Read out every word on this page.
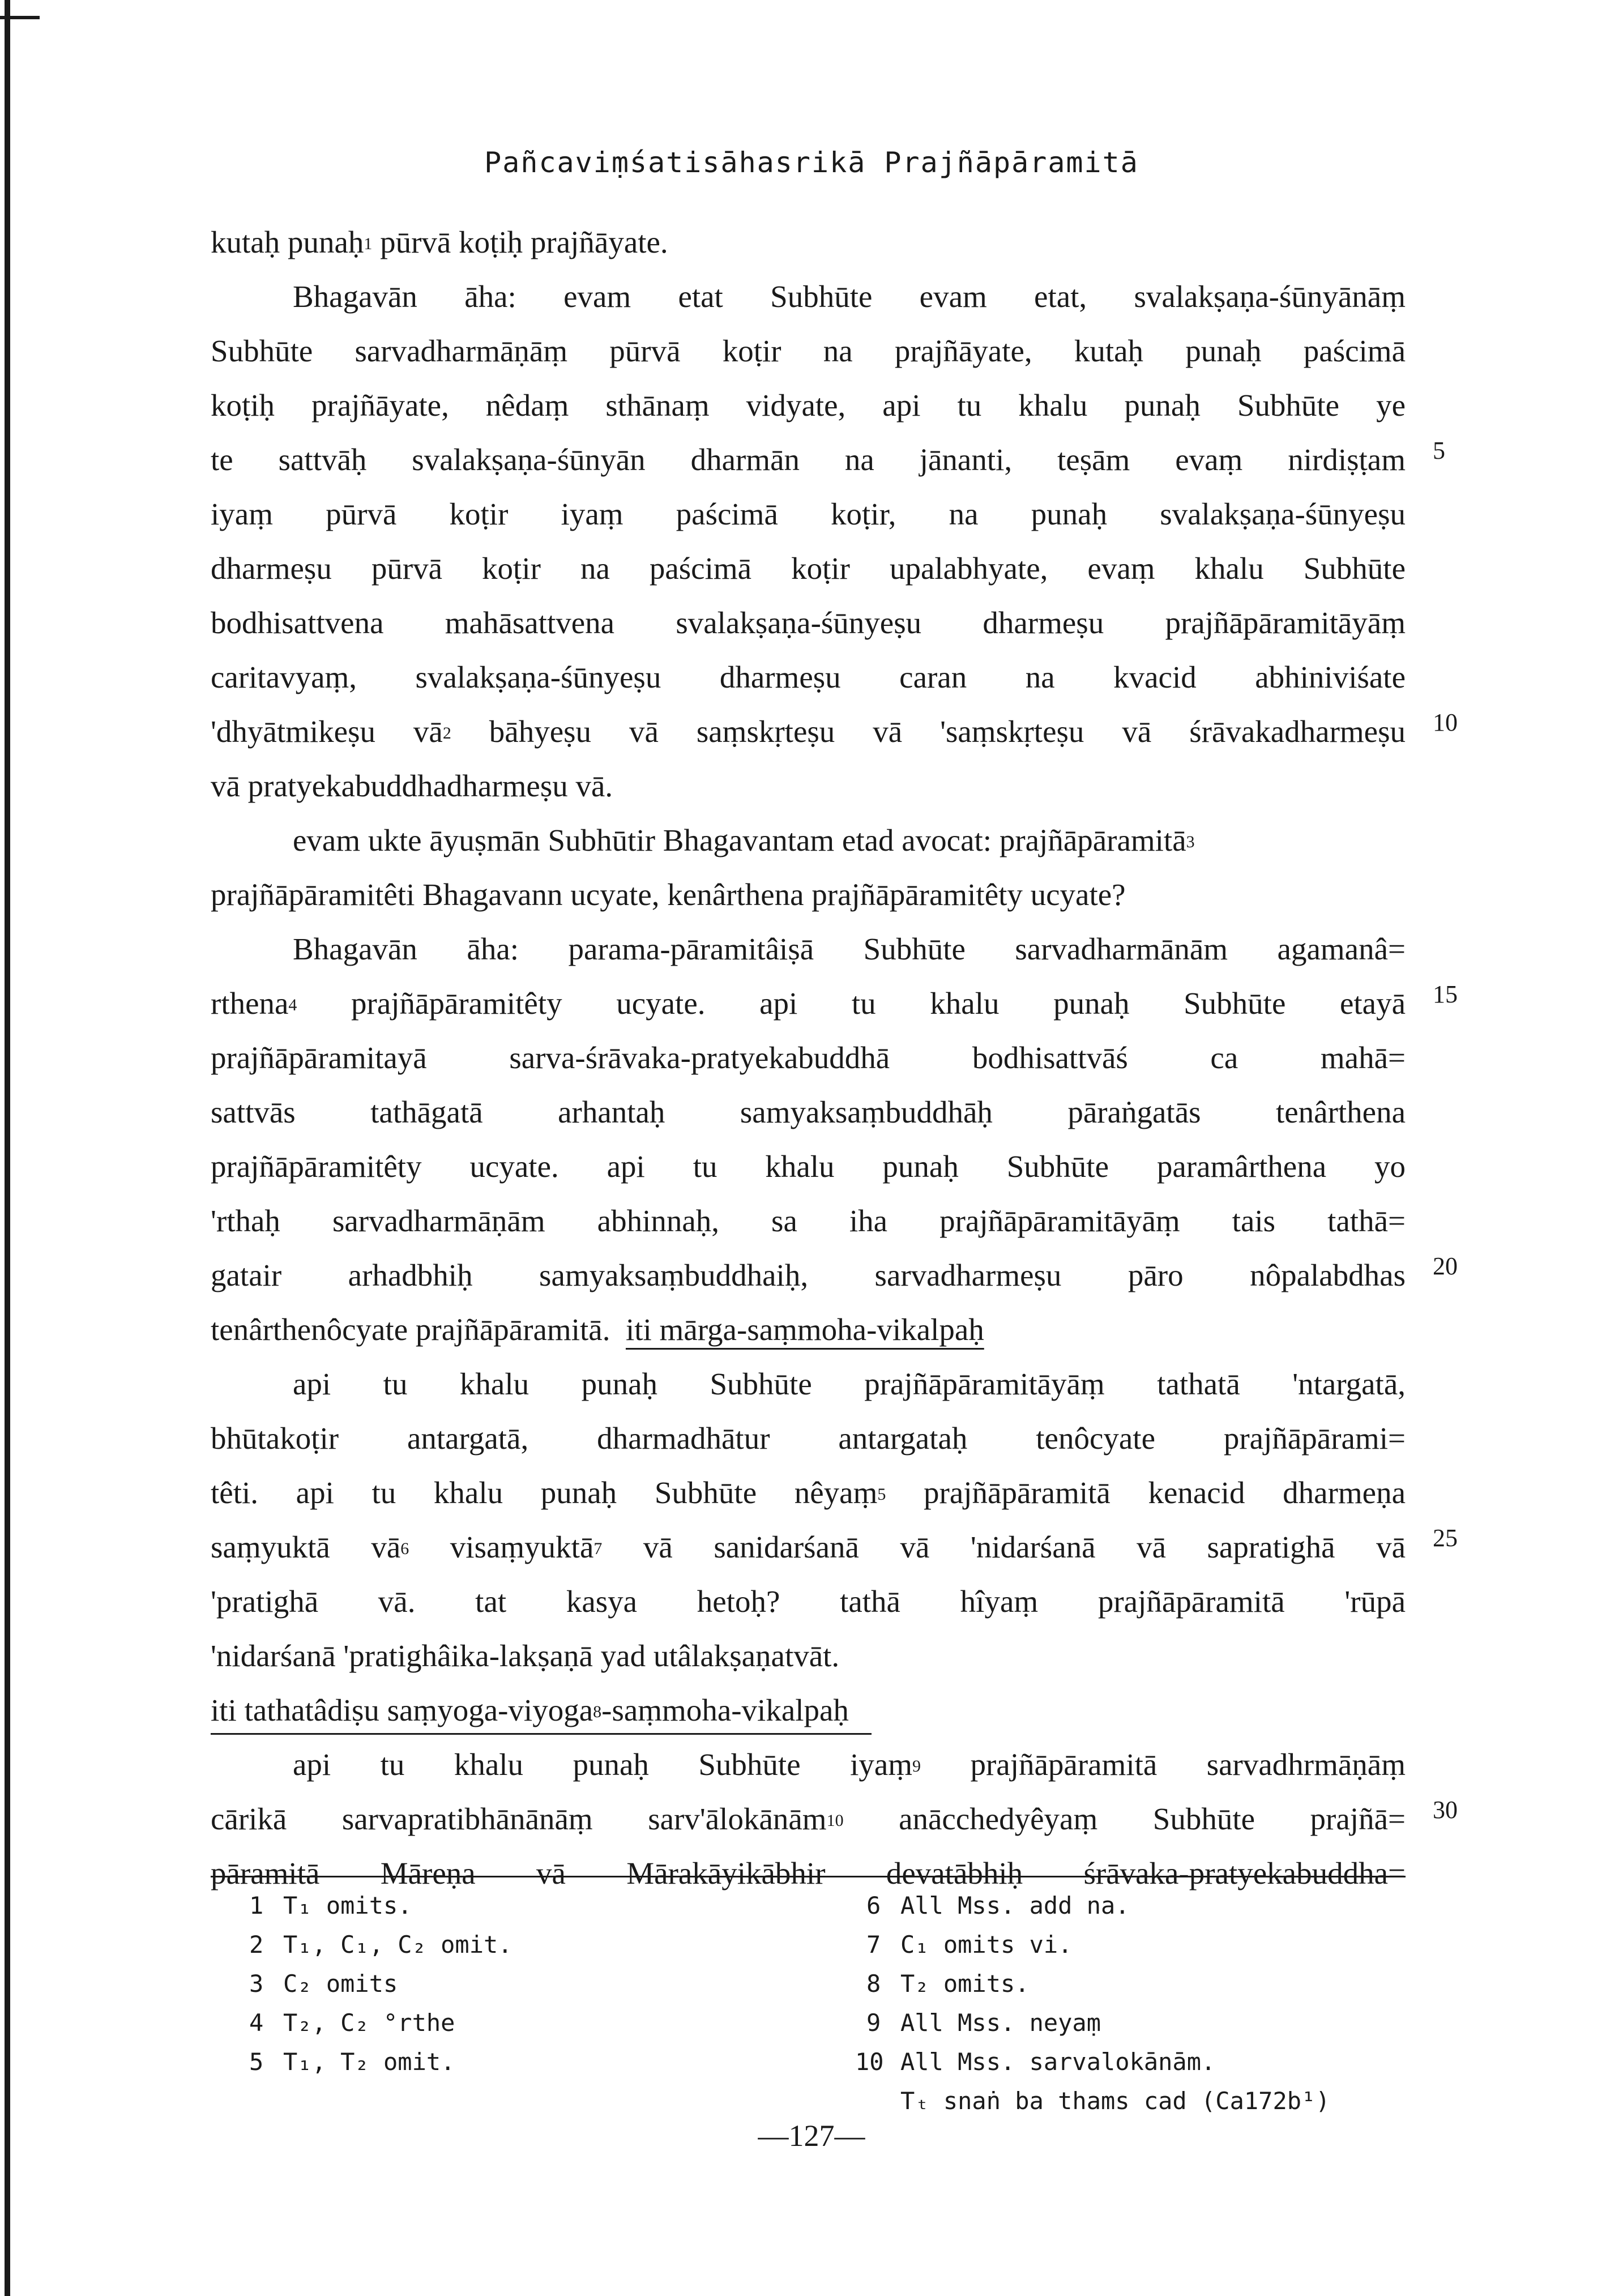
Pañcaviṃśatisāhasrikā Prajñāpāramitā
kutaḥ punaḥ$^1$ pūrvā koṭiḥ prajñāyate.
Bhagavān āha: evam etat Subhūte evam etat, svalakṣaṇa-śūnyānāṃ
Subhūte sarvadharmāṇāṃ pūrvā koṭir na prajñāyate, kutaḥ punaḥ paścimā
koṭiḥ prajñāyate, nêdaṃ sthānaṃ vidyate, api tu khalu punaḥ Subhūte ye
te sattvāḥ svalakṣaṇa-śūnyān dharmān na jānanti, teṣām evaṃ nirdiṣṭam
iyaṃ pūrvā koṭir iyaṃ paścimā koṭir, na punaḥ svalakṣaṇa-śūnyeṣu
dharmeṣu pūrvā koṭir na paścimā koṭir upalabhyate, evaṃ khalu Subhūte
bodhisattvena mahāsattvena svalakṣaṇa-śūnyeṣu dharmeṣu prajñāpāramitāyāṃ
caritavyaṃ, svalakṣaṇa-śūnyeṣu dharmeṣu caran na kvacid abhiniviśate
'dhyātmikeṣu $vā^2$ bāhyeṣu vā saṃskṛteṣu vā 'saṃskṛteṣu vā śrāvakadharmeṣu
vā pratyekabuddhadharmeṣu vā.
evam ukte āyuṣmān Subhūtir Bhagavantam etad avocat: prajñāpāramitā$^3$
prajñāpāramitêti Bhagavann ucyate, kenârthena prajñāpāramitêty ucyate?
Bhagavān āha: parama-pāramitâiṣā Subhūte sarvadharmānām agamanâ=
rthena$^4$ prajñāpāramitêty ucyate. api tu khalu punaḥ Subhūte etayā
prajñāpāramitayā sarva-śrāvaka-pratyekabuddhā bodhisattvāś ca mahā=
sattvās tathāgatā arhantaḥ samyaksaṃbuddhāḥ pāraṅgatās tenârthena
prajñāpāramitêty ucyate. api tu khalu punaḥ Subhūte paramârthena yo
'rthaḥ sarvadharmāṇām abhinnaḥ, sa iha prajñāpāramitāyāṃ tais tathā=
gatair arhadbhiḥ samyaksaṃbuddhaiḥ, sarvadharmeṣu pāro nôpalabdhas
tenârthenôcyate prajñāpāramitā. iti mārga-saṃmoha-vikalpaḥ
api tu khalu punaḥ Subhūte prajñāpāramitāyāṃ tathatā 'ntargatā,
bhūtakoṭir antargatā, dharmadhātur antargataḥ tenôcyate prajñāpārami=
têti. api tu khalu punaḥ Subhūte nêyaṃ$^5$ prajñāpāramitā kenacid dharmeṇa
saṃyuktā $vā^6$ visaṃyuktā$^7$ vā sanidarśanā vā 'nidarśanā vā sapratighā vā
'pratighā vā. tat kasya hetoḥ? tathā hîyaṃ prajñāpāramitā 'rūpā
'nidarśanā 'pratighâika-lakṣaṇā yad utâlakṣaṇatvāt.
iti tathatâdiṣu saṃyoga-viyoga$^8$-saṃmoha-vikalpaḥ
api tu khalu punaḥ Subhūte iyaṃ$^9$ prajñāpāramitā sarvadhrmāṇāṃ
cārikā sarvapratibhānānāṃ sarv'ālokānām$^{10}$ anācchedyêyaṃ Subhūte prajñā=
pāramitā Māreṇa vā Mārakāyikābhir devatābhiḥ śrāvaka-pratyekabuddha=
5
10
15
20
25
30
1 T₁ omits.
2 T₁, C₁, C₂ omit.
3 C₂ omits
4 T₂, C₂ °rthe
5 T₁, T₂ omit.
6 All Mss. add na.
7 C₁ omits vi.
8 T₂ omits.
9 All Mss. neyaṃ
10 All Mss. sarvalokānām.
Tₜ snaṅ ba thams cad (Ca172b¹)
—127—
